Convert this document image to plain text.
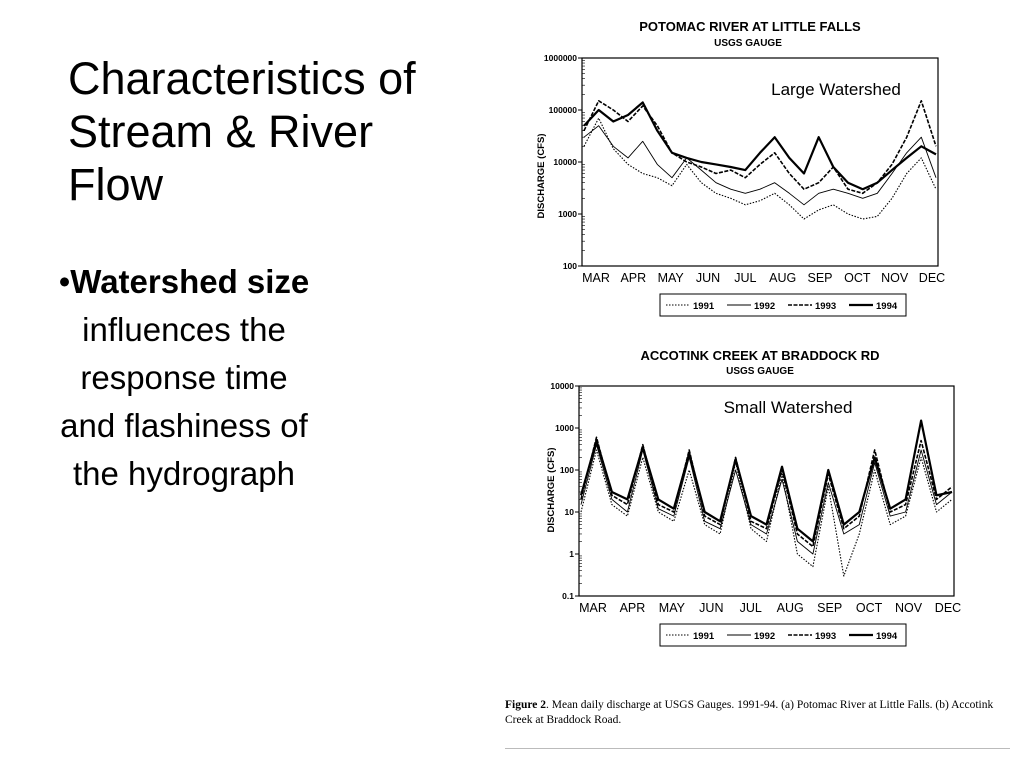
Characteristics of Stream & River Flow
•Watershed size influences the response time and flashiness of the hydrograph
POTOMAC RIVER AT LITTLE FALLS
USGS GAUGE
DISCHARGE (CFS)
100
1000
10000
100000
1000000
MAR APR MAY JUN JUL AUG SEP OCT NOV DEC
Large Watershed
1991	1992	1993	1994
ACCOTINK CREEK AT BRADDOCK RD
USGS GAUGE
DISCHARGE (CFS)
0.1
1
10
100
1000
10000
MAR APR MAY JUN JUL AUG SEP OCT NOV DEC
Small Watershed
1991	1992	1993	1994
Figure 2. Mean daily discharge at USGS Gauges. 1991-94. (a) Potomac River at Little Falls. (b) Accotink Creek at Braddock Road.
